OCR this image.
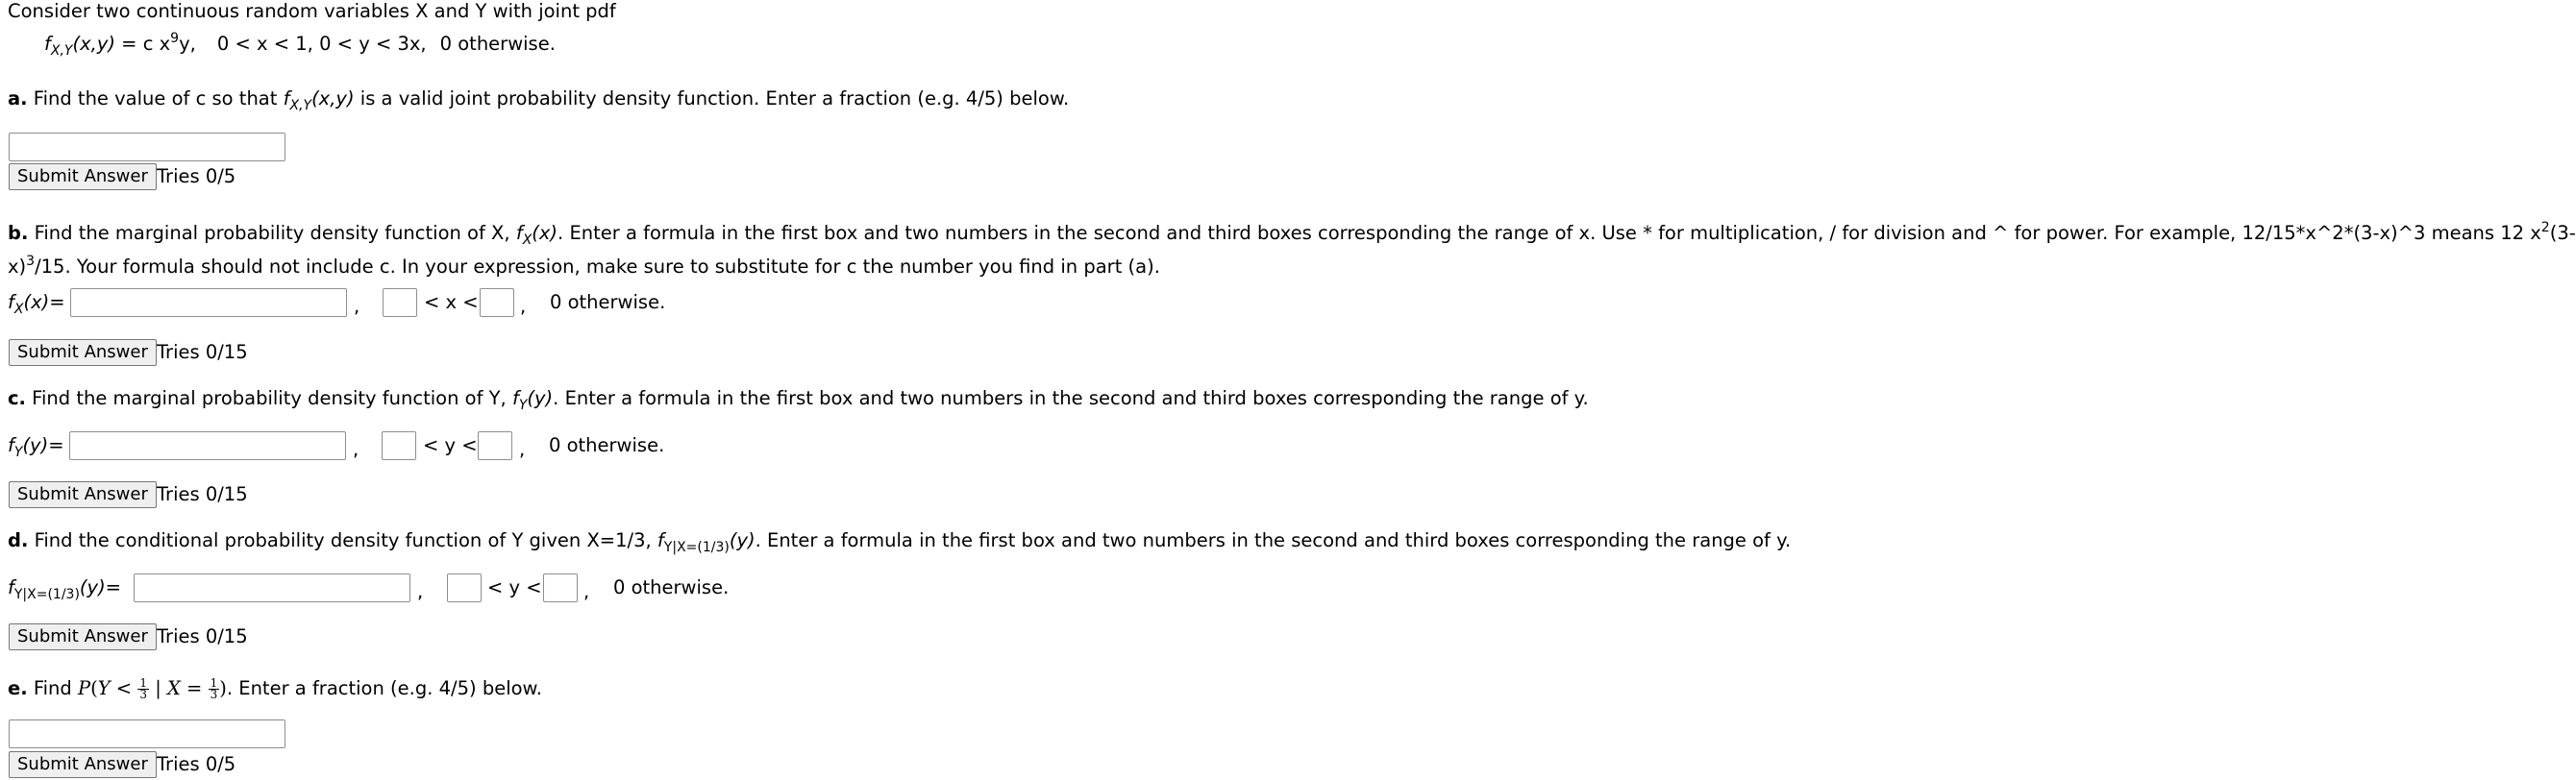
Consider two continuous random variables X and Y with joint pdf
$f_{X,Y}(x,y) = c$ $x^9y$, 0 < x < 1, 0 < y < 3x, 0 otherwise.
a. Find the value of c so that $f_{X,Y}(x,y)$ is a valid joint probability density function. Enter a fraction (e.g. 4/5) below.
Submit Answer Tries 0/5
b. Find the marginal probability density function of X, $f_X(x)$. Enter a formula in the first box and two numbers in the second and third boxes corresponding the range of x. Use * for multiplication, / for division and ^ for power. For example, 12/15*x^2*(3-x)^3 means 12 $x^2(3-$
x)$^3$/15. Your formula should not include c. In your expression, make sure to substitute for c the number you find in part (a).
$f_X(x)=$	,	< x < , 0 otherwise.
Submit Answer Tries 0/15
c. Find the marginal probability density function of Y, $f_Y(y)$. Enter a formula in the first box and two numbers in the second and third boxes corresponding the range of y.
$f_Y(y)=$	,	< y < , 0 otherwise.
Submit Answer Tries 0/15
d. Find the conditional probability density function of Y given X=1/3, $f_{Y|X=(1/3)}(y)$. Enter a formula in the first box and two numbers in the second and third boxes corresponding the range of y.
$f_{Y|X=(1/3)}(y)=$	,	< y < , 0 otherwise.
Submit Answer Tries 0/15
e. Find $P(Y < \frac{1}{3}$ | $X = \frac{1}{3}$ ). Enter a fraction (e.g. 4/5) below.
Submit Answer Tries 0/5
